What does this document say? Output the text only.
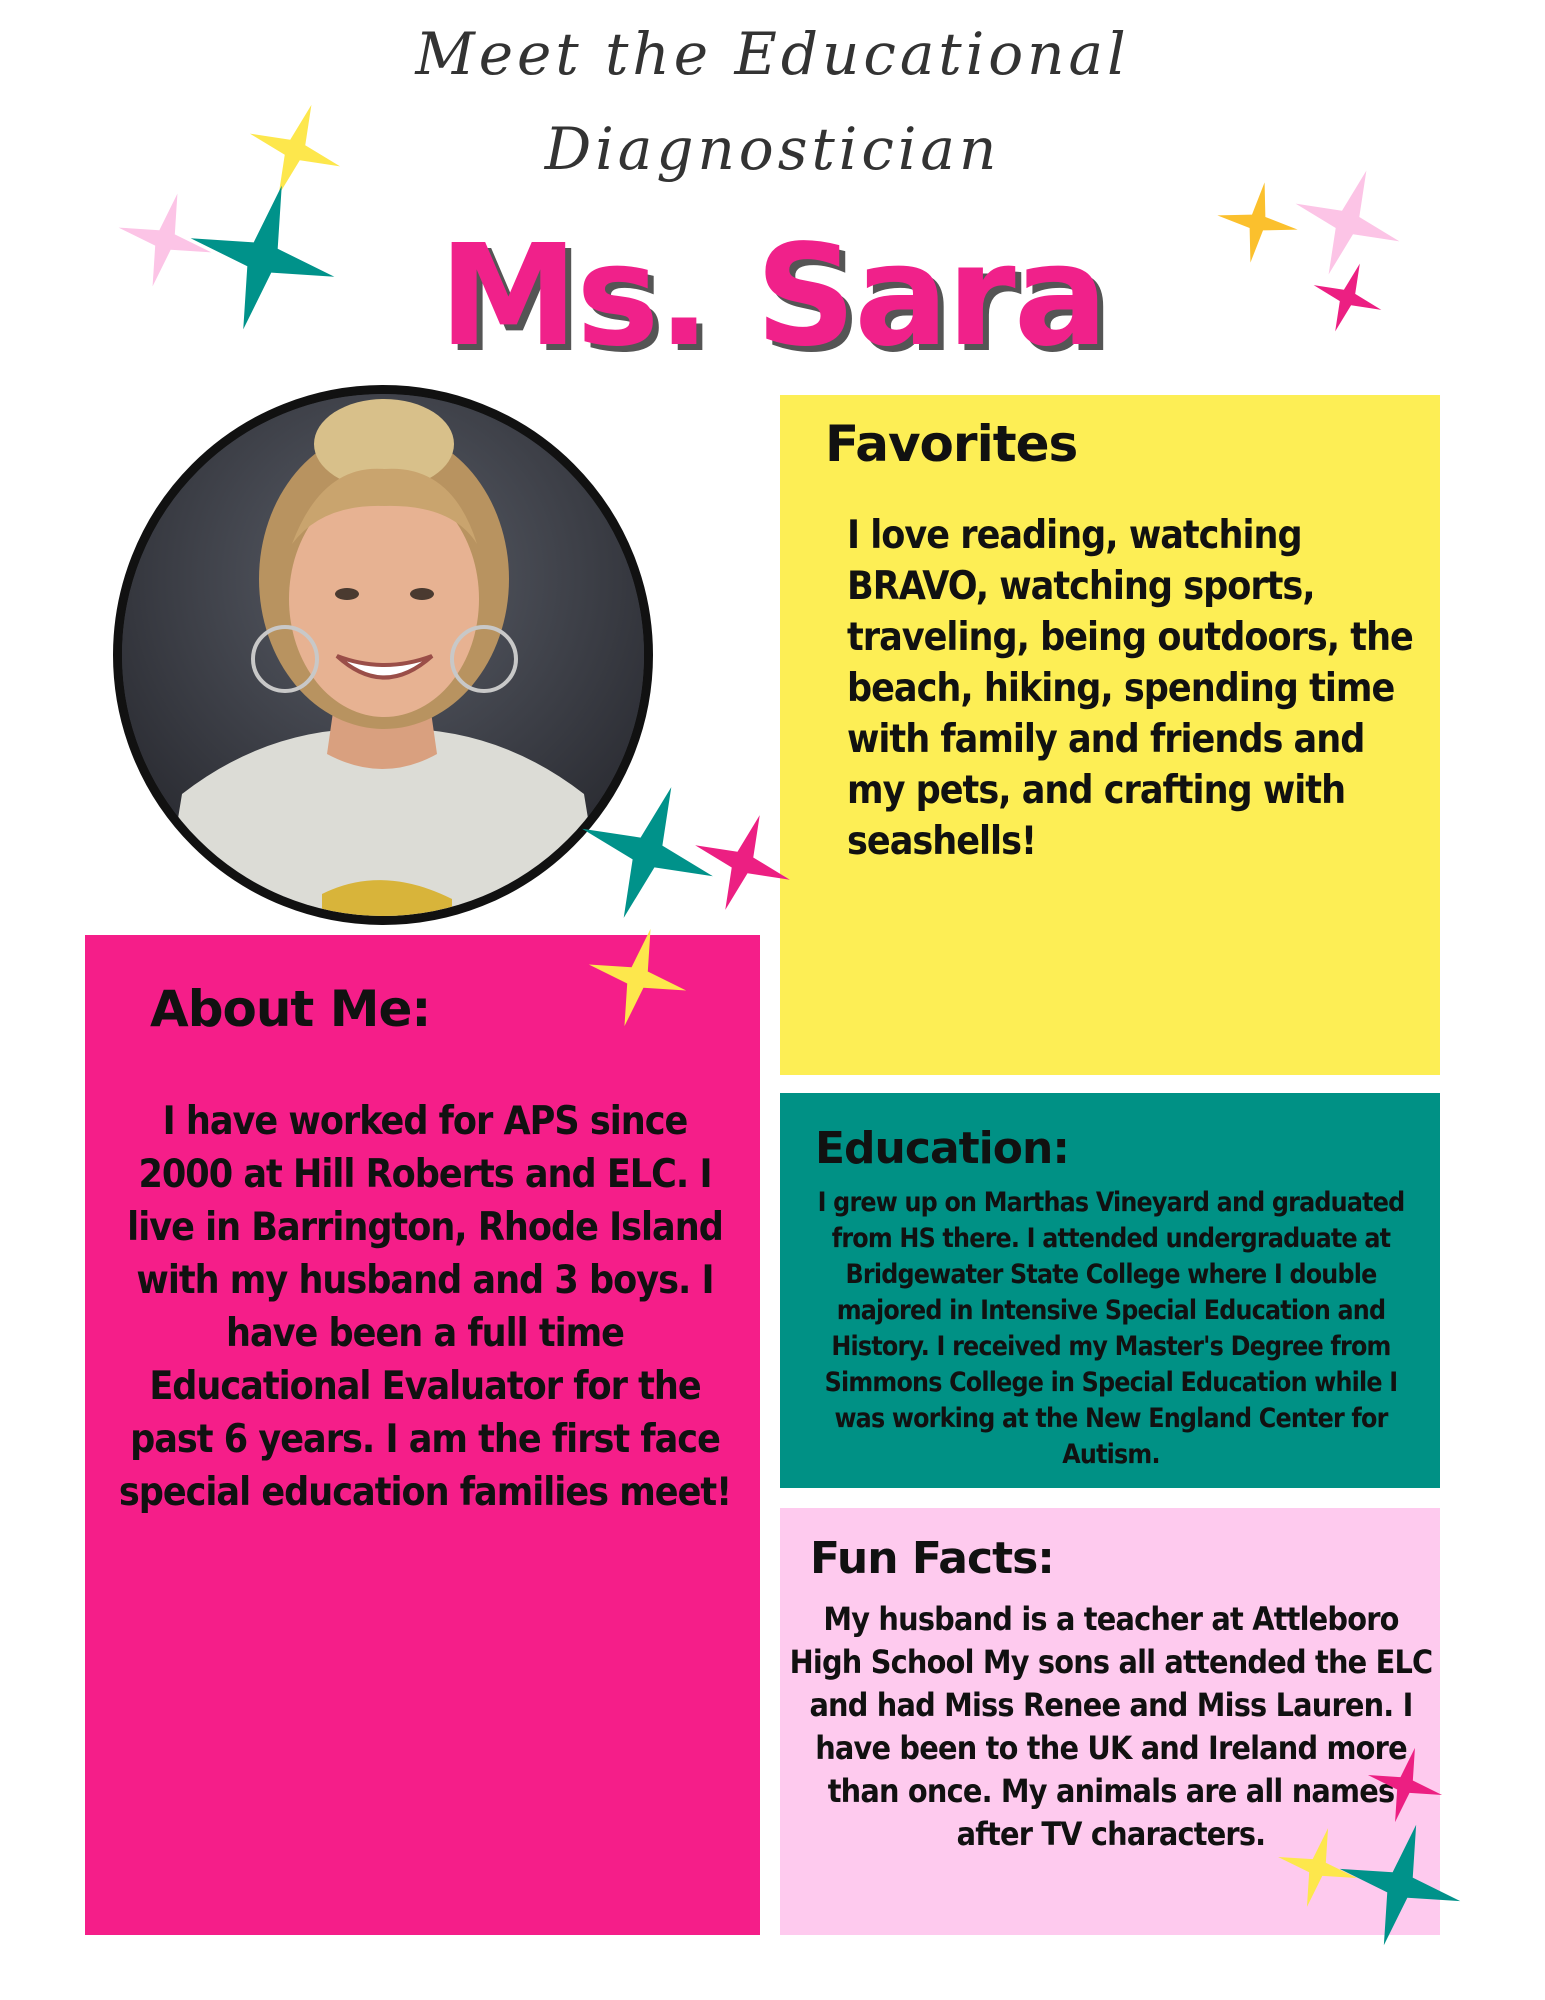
Meet the Educational
Diagnostician
Ms. Sara
Favorites

I love reading, watching BRAVO, watching sports, traveling, being outdoors, the beach, hiking, spending time with family and friends and my pets, and crafting with seashells!

About Me:

I have worked for APS since 2000 at Hill Roberts and ELC. I live in Barrington, Rhode Island with my husband and 3 boys. I have been a full time Educational Evaluator for the past 6 years. I am the first face special education families meet!

Education:

I grew up on Marthas Vineyard and graduated from HS there. I attended undergraduate at Bridgewater State College where I double majored in Intensive Special Education and History. I received my Master's Degree from Simmons College in Special Education while I was working at the New England Center for Autism.

Fun Facts:

My husband is a teacher at Attleboro High School My sons all attended the ELC and had Miss Renee and Miss Lauren. I have been to the UK and Ireland more than once. My animals are all names after TV characters.
